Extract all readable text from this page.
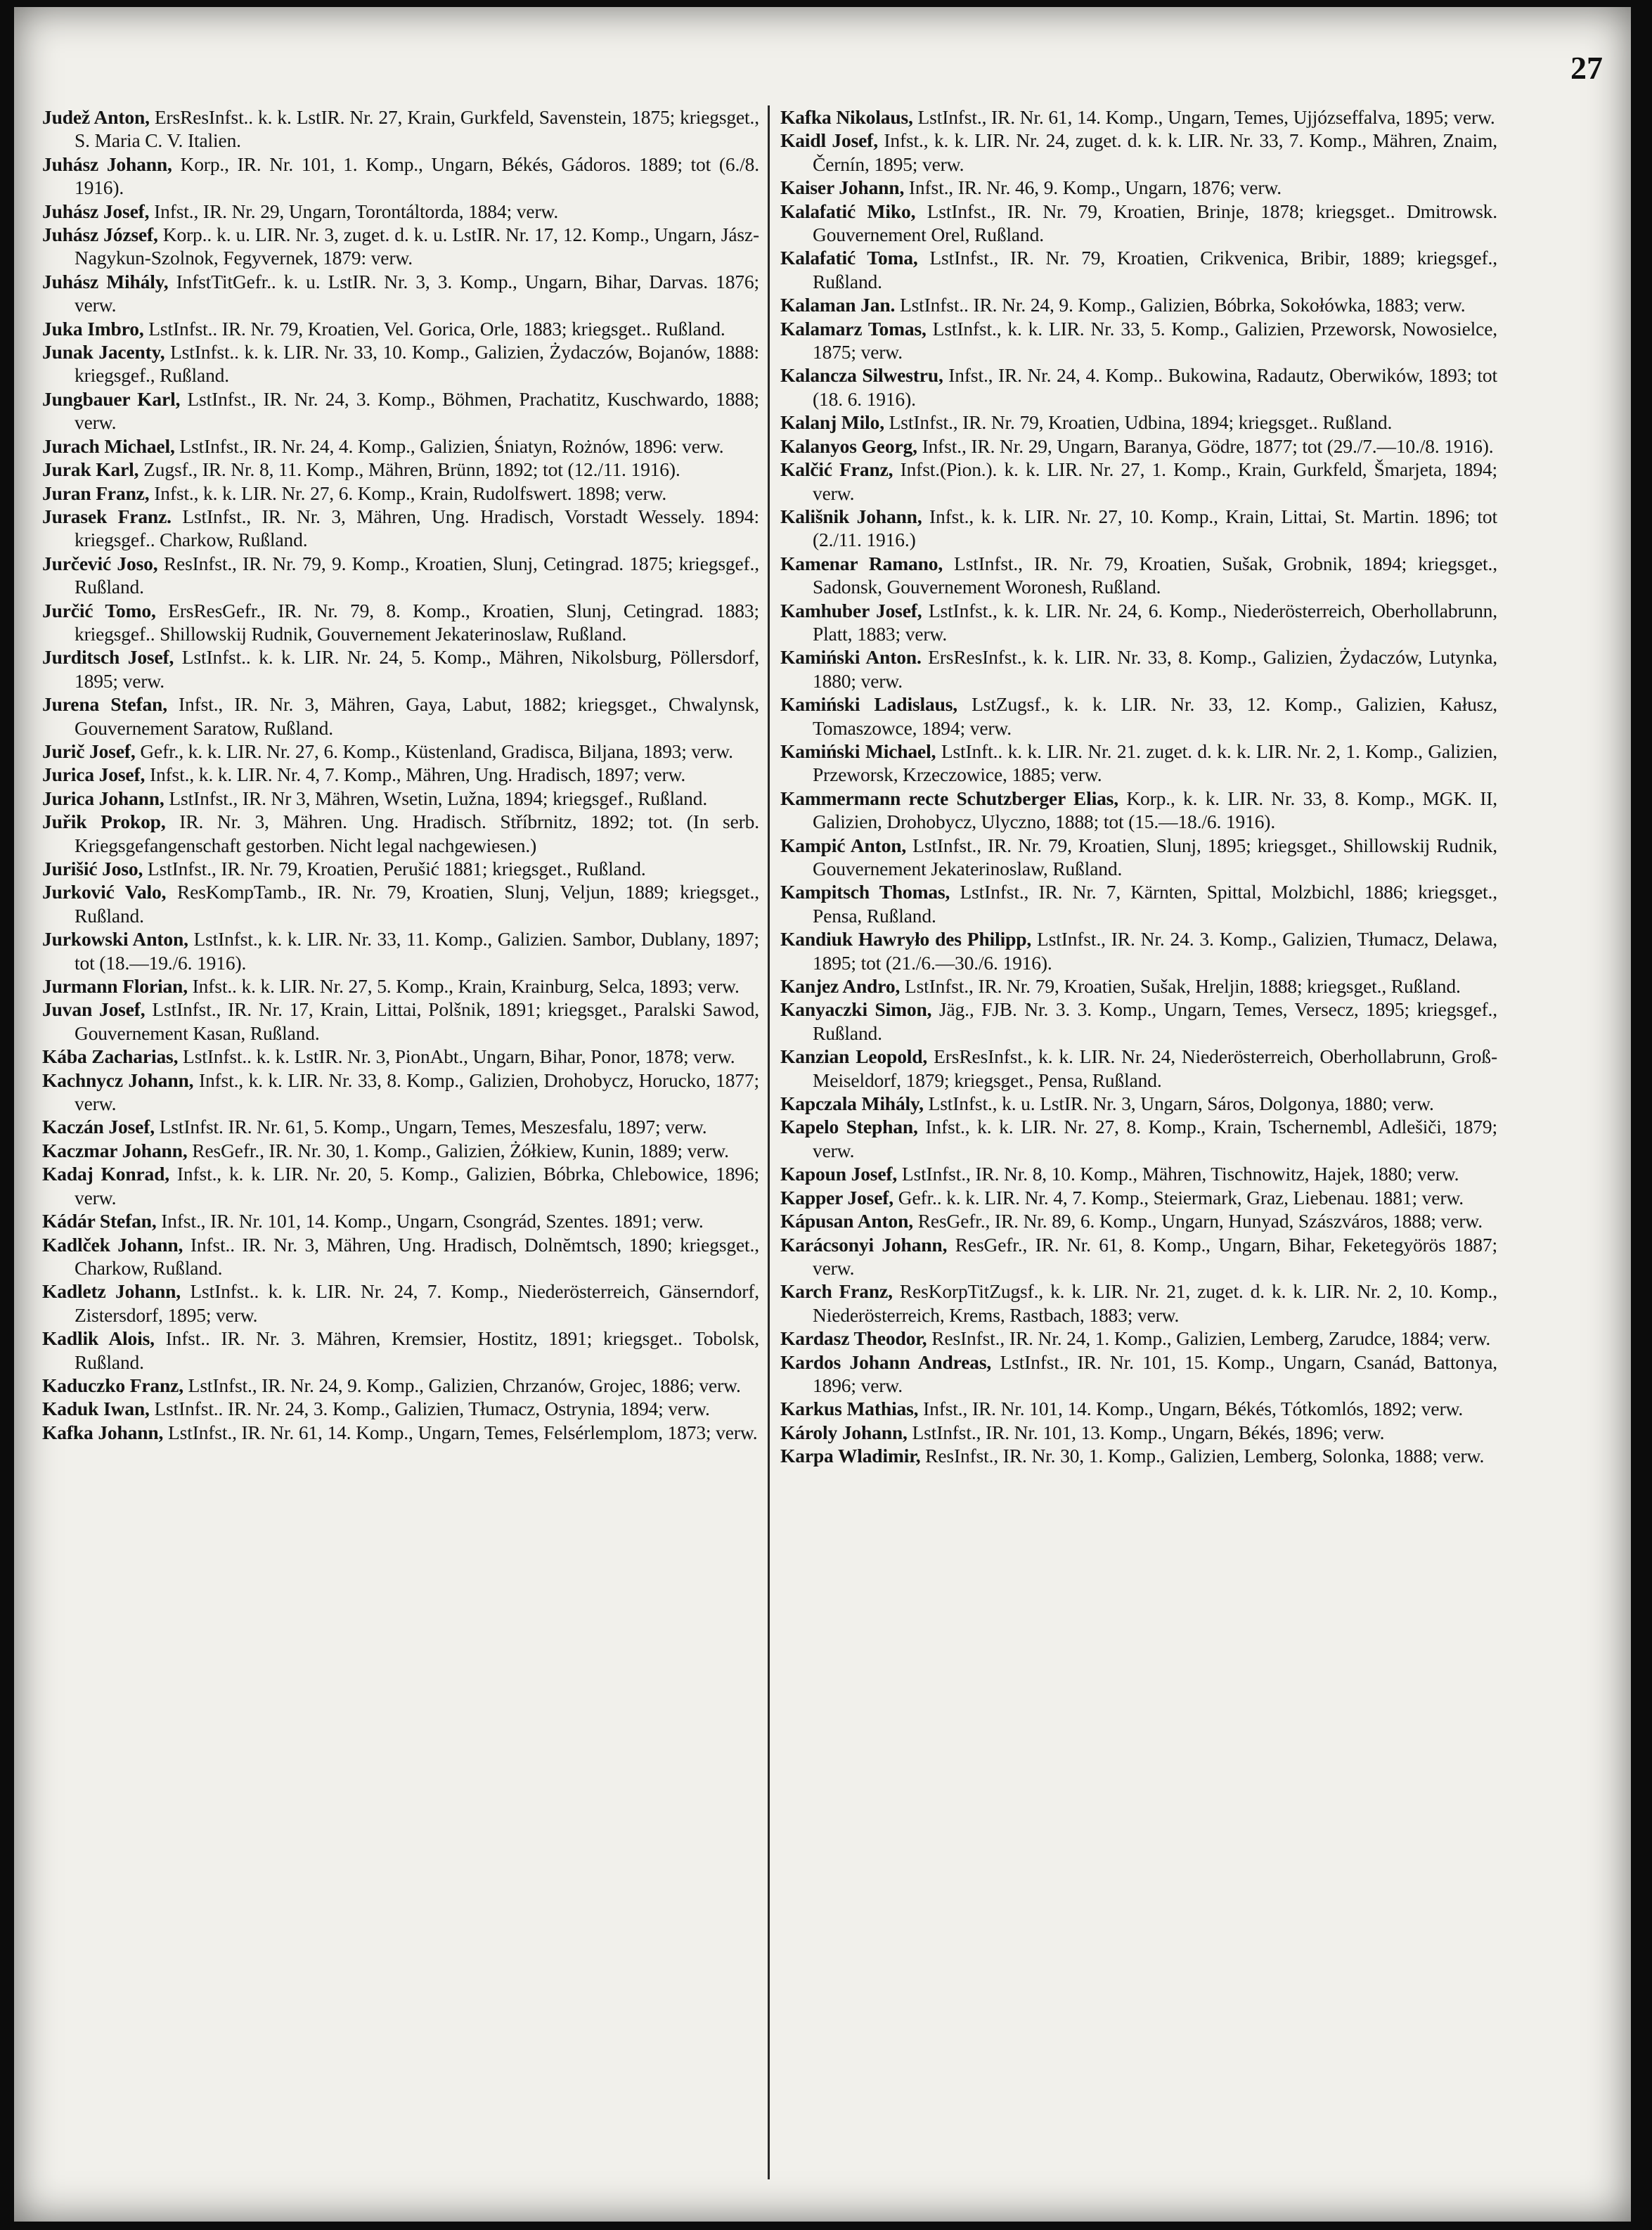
27
Judež Anton, ErsResInfst.. k. k. LstIR. Nr. 27, Krain, Gurkfeld, Savenstein, 1875; kriegsget., S. Maria C. V. Italien.
Juhász Johann, Korp., IR. Nr. 101, 1. Komp., Ungarn, Békés, Gádoros. 1889; tot (6./8. 1916).
Juhász Josef, Infst., IR. Nr. 29, Ungarn, Torontáltorda, 1884; verw.
Juhász József, Korp.. k. u. LIR. Nr. 3, zuget. d. k. u. LstIR. Nr. 17, 12. Komp., Ungarn, Jász-Nagykun-Szolnok, Fegyvernek, 1879: verw.
Juhász Mihály, InfstTitGefr.. k. u. LstIR. Nr. 3, 3. Komp., Ungarn, Bihar, Darvas. 1876; verw.
Juka Imbro, LstInfst.. IR. Nr. 79, Kroatien, Vel. Gorica, Orle, 1883; kriegsget.. Rußland.
Junak Jacenty, LstInfst.. k. k. LIR. Nr. 33, 10. Komp., Galizien, Żydaczów, Bojanów, 1888: kriegsgef., Rußland.
Jungbauer Karl, LstInfst., IR. Nr. 24, 3. Komp., Böhmen, Prachatitz, Kuschwardo, 1888; verw.
Jurach Michael, LstInfst., IR. Nr. 24, 4. Komp., Galizien, Śniatyn, Rożnów, 1896: verw.
Jurak Karl, Zugsf., IR. Nr. 8, 11. Komp., Mähren, Brünn, 1892; tot (12./11. 1916).
Juran Franz, Infst., k. k. LIR. Nr. 27, 6. Komp., Krain, Rudolfswert. 1898; verw.
Jurasek Franz. LstInfst., IR. Nr. 3, Mähren, Ung. Hradisch, Vorstadt Wessely. 1894: kriegsgef.. Charkow, Rußland.
Jurčević Joso, ResInfst., IR. Nr. 79, 9. Komp., Kroatien, Slunj, Cetingrad. 1875; kriegsgef., Rußland.
Jurčić Tomo, ErsResGefr., IR. Nr. 79, 8. Komp., Kroatien, Slunj, Cetingrad. 1883; kriegsgef.. Shillowskij Rudnik, Gouvernement Jekaterinoslaw, Rußland.
Jurditsch Josef, LstInfst.. k. k. LIR. Nr. 24, 5. Komp., Mähren, Nikolsburg, Pöllersdorf, 1895; verw.
Jurena Stefan, Infst., IR. Nr. 3, Mähren, Gaya, Labut, 1882; kriegsget., Chwalynsk, Gouvernement Saratow, Rußland.
Jurič Josef, Gefr., k. k. LIR. Nr. 27, 6. Komp., Küstenland, Gradisca, Biljana, 1893; verw.
Jurica Josef, Infst., k. k. LIR. Nr. 4, 7. Komp., Mähren, Ung. Hradisch, 1897; verw.
Jurica Johann, LstInfst., IR. Nr 3, Mähren, Wsetin, Lužna, 1894; kriegsgef., Rußland.
Juřik Prokop, IR. Nr. 3, Mähren. Ung. Hradisch. Stříbrnitz, 1892; tot. (In serb. Kriegsgefangenschaft gestorben. Nicht legal nachgewiesen.)
Jurišić Joso, LstInfst., IR. Nr. 79, Kroatien, Perušić 1881; kriegsget., Rußland.
Jurković Valo, ResKompTamb., IR. Nr. 79, Kroatien, Slunj, Veljun, 1889; kriegsget., Rußland.
Jurkowski Anton, LstInfst., k. k. LIR. Nr. 33, 11. Komp., Galizien. Sambor, Dublany, 1897; tot (18.—19./6. 1916).
Jurmann Florian, Infst.. k. k. LIR. Nr. 27, 5. Komp., Krain, Krainburg, Selca, 1893; verw.
Juvan Josef, LstInfst., IR. Nr. 17, Krain, Littai, Polšnik, 1891; kriegsget., Paralski Sawod, Gouvernement Kasan, Rußland.
Kába Zacharias, LstInfst.. k. k. LstIR. Nr. 3, PionAbt., Ungarn, Bihar, Ponor, 1878; verw.
Kachnycz Johann, Infst., k. k. LIR. Nr. 33, 8. Komp., Galizien, Drohobycz, Horucko, 1877; verw.
Kaczán Josef, LstInfst. IR. Nr. 61, 5. Komp., Ungarn, Temes, Meszesfalu, 1897; verw.
Kaczmar Johann, ResGefr., IR. Nr. 30, 1. Komp., Galizien, Żółkiew, Kunin, 1889; verw.
Kadaj Konrad, Infst., k. k. LIR. Nr. 20, 5. Komp., Galizien, Bóbrka, Chlebowice, 1896; verw.
Kádár Stefan, Infst., IR. Nr. 101, 14. Komp., Ungarn, Csongrád, Szentes. 1891; verw.
Kadlček Johann, Infst.. IR. Nr. 3, Mähren, Ung. Hradisch, Dolnĕmtsch, 1890; kriegsget., Charkow, Rußland.
Kadletz Johann, LstInfst.. k. k. LIR. Nr. 24, 7. Komp., Niederösterreich, Gänserndorf, Zistersdorf, 1895; verw.
Kadlik Alois, Infst.. IR. Nr. 3. Mähren, Kremsier, Hostitz, 1891; kriegsget.. Tobolsk, Rußland.
Kaduczko Franz, LstInfst., IR. Nr. 24, 9. Komp., Galizien, Chrzanów, Grojec, 1886; verw.
Kaduk Iwan, LstInfst.. IR. Nr. 24, 3. Komp., Galizien, Tłumacz, Ostrynia, 1894; verw.
Kafka Johann, LstInfst., IR. Nr. 61, 14. Komp., Ungarn, Temes, Felsérlemplom, 1873; verw.
Kafka Nikolaus, LstInfst., IR. Nr. 61, 14. Komp., Ungarn, Temes, Ujjózseffalva, 1895; verw.
Kaidl Josef, Infst., k. k. LIR. Nr. 24, zuget. d. k. k. LIR. Nr. 33, 7. Komp., Mähren, Znaim, Černín, 1895; verw.
Kaiser Johann, Infst., IR. Nr. 46, 9. Komp., Ungarn, 1876; verw.
Kalafatić Miko, LstInfst., IR. Nr. 79, Kroatien, Brinje, 1878; kriegsget.. Dmitrowsk. Gouvernement Orel, Rußland.
Kalafatić Toma, LstInfst., IR. Nr. 79, Kroatien, Crikvenica, Bribir, 1889; kriegsgef., Rußland.
Kalaman Jan. LstInfst.. IR. Nr. 24, 9. Komp., Galizien, Bóbrka, Sokołówka, 1883; verw.
Kalamarz Tomas, LstInfst., k. k. LIR. Nr. 33, 5. Komp., Galizien, Przeworsk, Nowosielce, 1875; verw.
Kalancza Silwestru, Infst., IR. Nr. 24, 4. Komp.. Bukowina, Radautz, Oberwików, 1893; tot (18. 6. 1916).
Kalanj Milo, LstInfst., IR. Nr. 79, Kroatien, Udbina, 1894; kriegsget.. Rußland.
Kalanyos Georg, Infst., IR. Nr. 29, Ungarn, Baranya, Gödre, 1877; tot (29./7.—10./8. 1916).
Kalčić Franz, Infst.(Pion.). k. k. LIR. Nr. 27, 1. Komp., Krain, Gurkfeld, Šmarjeta, 1894; verw.
Kališnik Johann, Infst., k. k. LIR. Nr. 27, 10. Komp., Krain, Littai, St. Martin. 1896; tot (2./11. 1916.)
Kamenar Ramano, LstInfst., IR. Nr. 79, Kroatien, Sušak, Grobnik, 1894; kriegsget., Sadonsk, Gouvernement Woronesh, Rußland.
Kamhuber Josef, LstInfst., k. k. LIR. Nr. 24, 6. Komp., Niederösterreich, Oberhollabrunn, Platt, 1883; verw.
Kamiński Anton. ErsResInfst., k. k. LIR. Nr. 33, 8. Komp., Galizien, Żydaczów, Lutynka, 1880; verw.
Kamiński Ladislaus, LstZugsf., k. k. LIR. Nr. 33, 12. Komp., Galizien, Kałusz, Tomaszowce, 1894; verw.
Kamiński Michael, LstInft.. k. k. LIR. Nr. 21. zuget. d. k. k. LIR. Nr. 2, 1. Komp., Galizien, Przeworsk, Krzeczowice, 1885; verw.
Kammermann recte Schutzberger Elias, Korp., k. k. LIR. Nr. 33, 8. Komp., MGK. II, Galizien, Drohobycz, Ulyczno, 1888; tot (15.—18./6. 1916).
Kampić Anton, LstInfst., IR. Nr. 79, Kroatien, Slunj, 1895; kriegsget., Shillowskij Rudnik, Gouvernement Jekaterinoslaw, Rußland.
Kampitsch Thomas, LstInfst., IR. Nr. 7, Kärnten, Spittal, Molzbichl, 1886; kriegsget., Pensa, Rußland.
Kandiuk Hawryło des Philipp, LstInfst., IR. Nr. 24. 3. Komp., Galizien, Tłumacz, Delawa, 1895; tot (21./6.—30./6. 1916).
Kanjez Andro, LstInfst., IR. Nr. 79, Kroatien, Sušak, Hreljin, 1888; kriegsget., Rußland.
Kanyaczki Simon, Jäg., FJB. Nr. 3. 3. Komp., Ungarn, Temes, Versecz, 1895; kriegsgef., Rußland.
Kanzian Leopold, ErsResInfst., k. k. LIR. Nr. 24, Niederösterreich, Oberhollabrunn, Groß-Meiseldorf, 1879; kriegsget., Pensa, Rußland.
Kapczala Mihály, LstInfst., k. u. LstIR. Nr. 3, Ungarn, Sáros, Dolgonya, 1880; verw.
Kapelo Stephan, Infst., k. k. LIR. Nr. 27, 8. Komp., Krain, Tschernembl, Adlešiči, 1879; verw.
Kapoun Josef, LstInfst., IR. Nr. 8, 10. Komp., Mähren, Tischnowitz, Hajek, 1880; verw.
Kapper Josef, Gefr.. k. k. LIR. Nr. 4, 7. Komp., Steiermark, Graz, Liebenau. 1881; verw.
Kápusan Anton, ResGefr., IR. Nr. 89, 6. Komp., Ungarn, Hunyad, Szászváros, 1888; verw.
Karácsonyi Johann, ResGefr., IR. Nr. 61, 8. Komp., Ungarn, Bihar, Feketegyörös 1887; verw.
Karch Franz, ResKorpTitZugsf., k. k. LIR. Nr. 21, zuget. d. k. k. LIR. Nr. 2, 10. Komp., Niederösterreich, Krems, Rastbach, 1883; verw.
Kardasz Theodor, ResInfst., IR. Nr. 24, 1. Komp., Galizien, Lemberg, Zarudce, 1884; verw.
Kardos Johann Andreas, LstInfst., IR. Nr. 101, 15. Komp., Ungarn, Csanád, Battonya, 1896; verw.
Karkus Mathias, Infst., IR. Nr. 101, 14. Komp., Ungarn, Békés, Tótkomlós, 1892; verw.
Károly Johann, LstInfst., IR. Nr. 101, 13. Komp., Ungarn, Békés, 1896; verw.
Karpa Wladimir, ResInfst., IR. Nr. 30, 1. Komp., Galizien, Lemberg, Solonka, 1888; verw.
